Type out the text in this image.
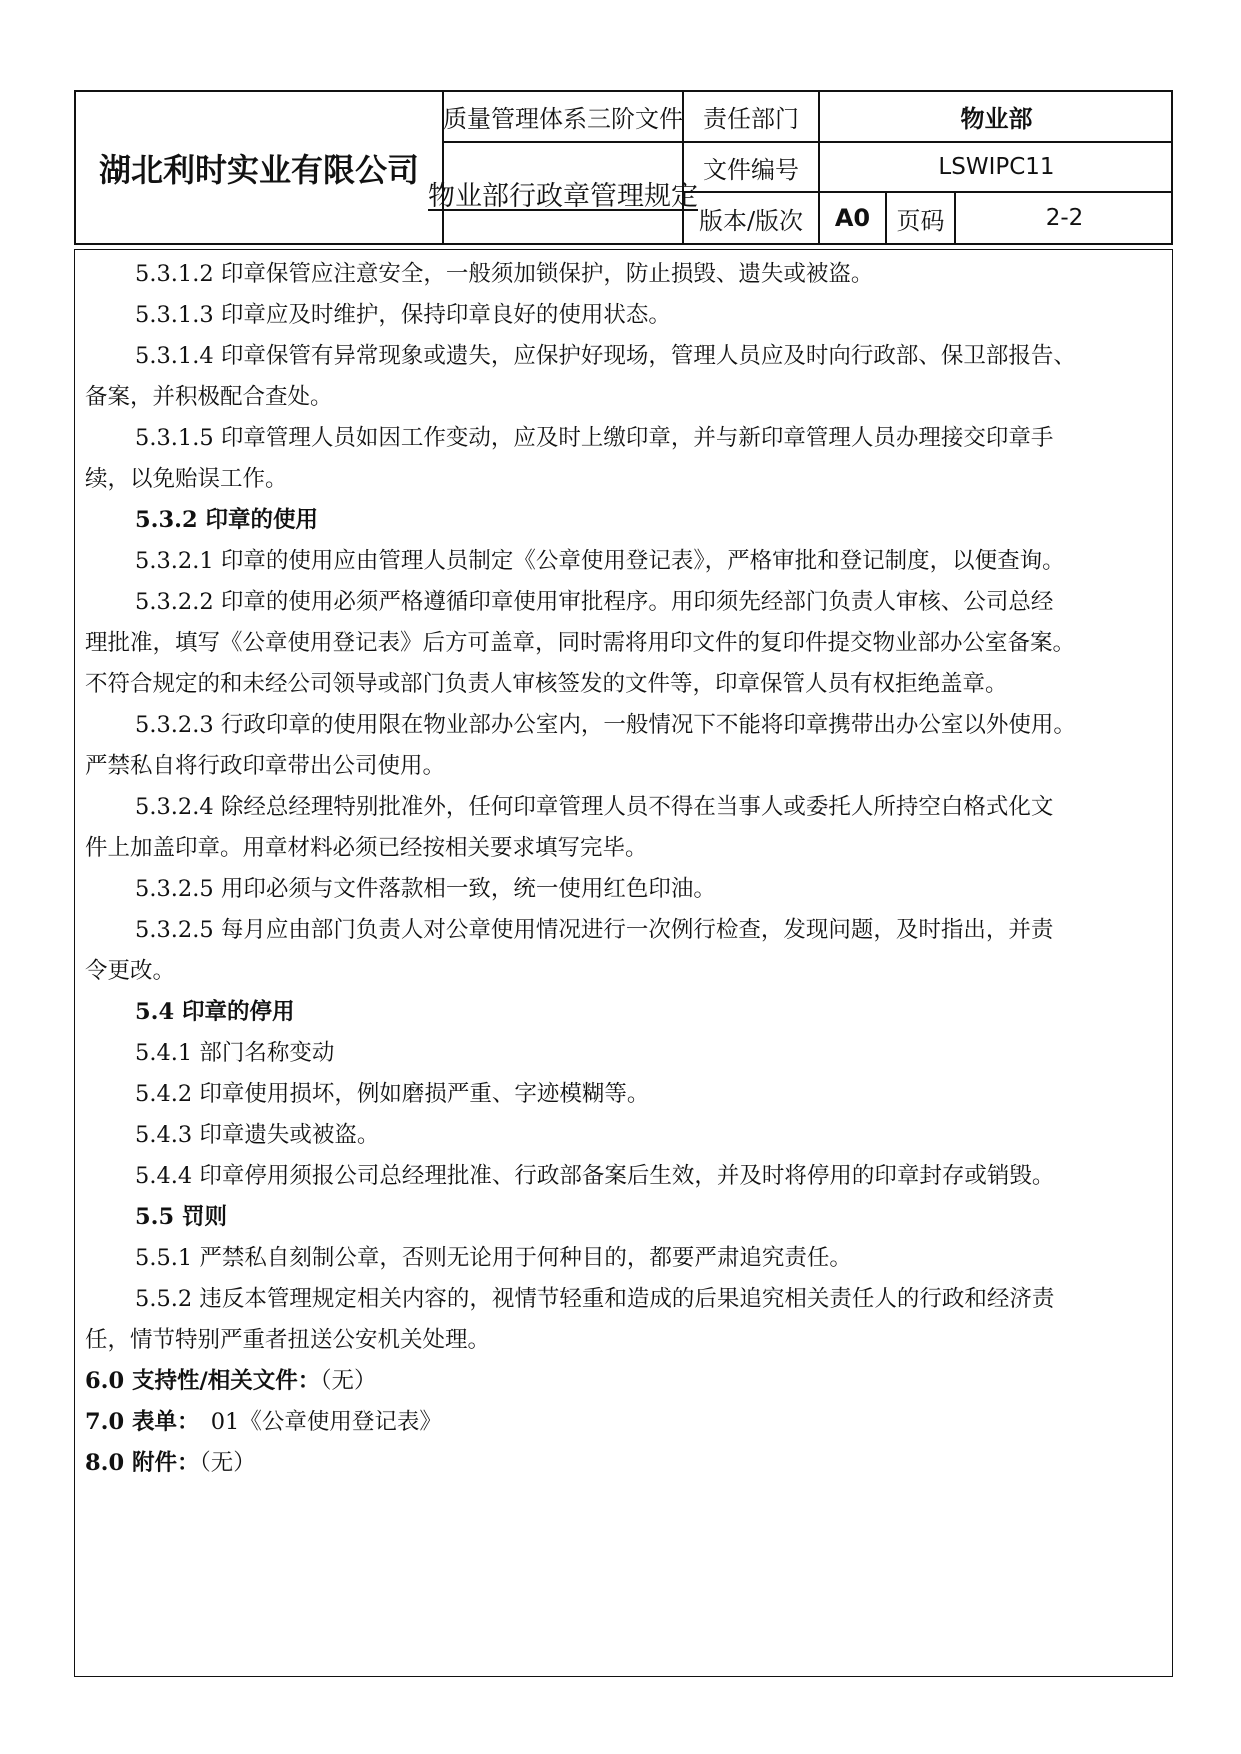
湖北利时实业有限公司
质量管理体系三阶文件
物业部行政章管理规定
责任部门	物业部
文件编号	LSWIPC11
版本/版次	A0	页码	2-2
5.3.1.2 印章保管应注意安全，一般须加锁保护，防止损毁、遗失或被盗。
5.3.1.3 印章应及时维护，保持印章良好的使用状态。
5.3.1.4 印章保管有异常现象或遗失，应保护好现场，管理人员应及时向行政部、保卫部报告、
备案，并积极配合查处。
5.3.1.5 印章管理人员如因工作变动，应及时上缴印章，并与新印章管理人员办理接交印章手
续，以免贻误工作。
5.3.2 印章的使用
5.3.2.1 印章的使用应由管理人员制定《公章使用登记表》，严格审批和登记制度，以便查询。
5.3.2.2 印章的使用必须严格遵循印章使用审批程序。用印须先经部门负责人审核、公司总经
理批准，填写《公章使用登记表》后方可盖章，同时需将用印文件的复印件提交物业部办公室备案。
不符合规定的和未经公司领导或部门负责人审核签发的文件等，印章保管人员有权拒绝盖章。
5.3.2.3 行政印章的使用限在物业部办公室内，一般情况下不能将印章携带出办公室以外使用。
严禁私自将行政印章带出公司使用。
5.3.2.4 除经总经理特别批准外，任何印章管理人员不得在当事人或委托人所持空白格式化文
件上加盖印章。用章材料必须已经按相关要求填写完毕。
5.3.2.5 用印必须与文件落款相一致，统一使用红色印油。
5.3.2.5 每月应由部门负责人对公章使用情况进行一次例行检查，发现问题，及时指出，并责
令更改。
5.4 印章的停用
5.4.1 部门名称变动
5.4.2 印章使用损坏，例如磨损严重、字迹模糊等。
5.4.3 印章遗失或被盗。
5.4.4 印章停用须报公司总经理批准、行政部备案后生效，并及时将停用的印章封存或销毁。
5.5 罚则
5.5.1 严禁私自刻制公章，否则无论用于何种目的，都要严肃追究责任。
5.5.2 违反本管理规定相关内容的，视情节轻重和造成的后果追究相关责任人的行政和经济责
任，情节特别严重者扭送公安机关处理。
6.0 支持性/相关文件：（无）
7.0 表单：　01《公章使用登记表》
8.0 附件：（无）
